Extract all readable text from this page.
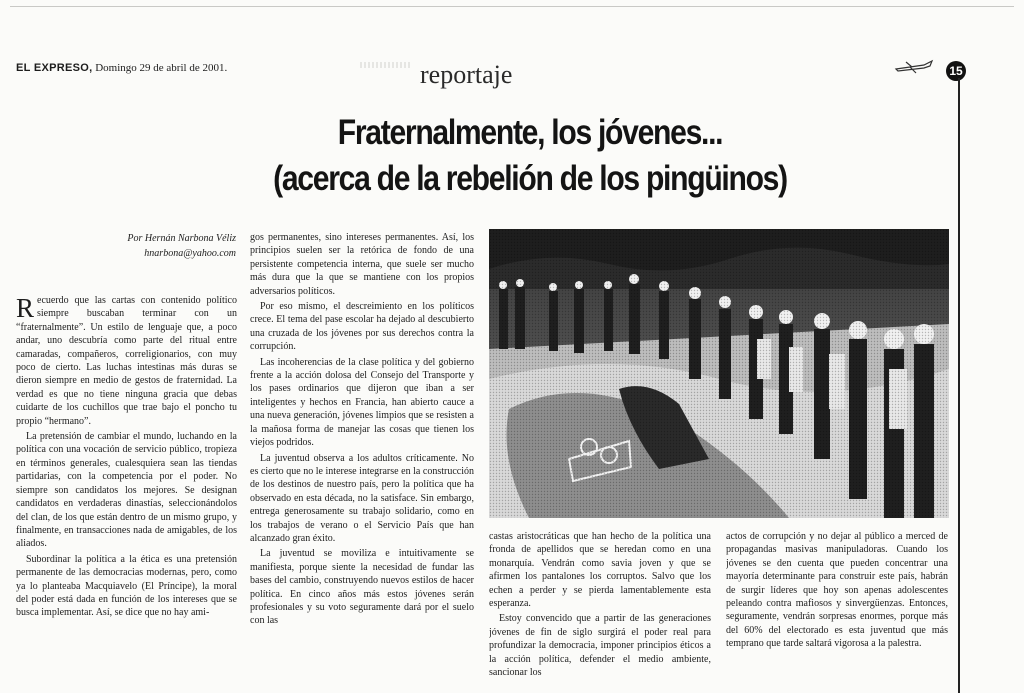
EL EXPRESO, Domingo 29 de abril de 2001.	reportaje	15
Fraternalmente, los jóvenes...
(acerca de la rebelión de los pingüinos)
Por Hernán Narbona Véliz
hnarbona@yahoo.com

Recuerdo que las cartas con contenido político siempre buscaban terminar con un “fraternalmente”. Un estilo de lenguaje que, a poco andar, uno descubría como parte del ritual entre camaradas, compañeros, correligionarios, con muy poco de cierto. Las luchas intestinas más duras se dieron siempre en medio de gestos de fraternidad. La verdad es que no tiene ninguna gracia que debas cuidarte de los cuchillos que trae bajo el poncho tu propio “hermano”.

La pretensión de cambiar el mundo, luchando en la política con una vocación de servicio público, tropieza en términos generales, cualesquiera sean las tiendas partidarias, con la competencia por el poder. No siempre son candidatos los mejores. Se designan candidatos en verdaderas dinastías, seleccionándolos del clan, de los que están dentro de un mismo grupo, y finalmente, en transacciones nada de amigables, de los aliados.

Subordinar la política a la ética es una pretensión permanente de las democracias modernas, pero, como ya lo planteaba Macquiavelo (El Príncipe), la moral del poder está dada en función de los intereses que se busca implementar. Así, se dice que no hay ami-

gos permanentes, sino intereses permanentes. Así, los principios suelen ser la retórica de fondo de una persistente competencia interna, que suele ser mucho más dura que la que se mantiene con los propios adversarios políticos.

Por eso mismo, el descreimiento en los políticos crece. El tema del pase escolar ha dejado al descubierto una cruzada de los jóvenes por sus derechos contra la corrupción.

Las incoherencias de la clase política y del gobierno frente a la acción dolosa del Consejo del Transporte y los pases ordinarios que dijeron que iban a ser inteligentes y hechos en Francia, han abierto cauce a una nueva generación, jóvenes limpios que se resisten a la mañosa forma de manejar las cosas que tienen los viejos podridos.

La juventud observa a los adultos críticamente. No es cierto que no le interese integrarse en la construcción de los destinos de nuestro país, pero la política que ha observado en esta década, no la satisface. Sin embargo, entrega generosamente su trabajo solidario, como en los trabajos de verano o el Servicio País que han alcanzado gran éxito.

La juventud se moviliza e intuitivamente se manifiesta, porque siente la necesidad de fundar las bases del cambio, construyendo nuevos estilos de hacer política. En cinco años más estos jóvenes serán profesionales y su voto seguramente dará por el suelo con las

castas aristocráticas que han hecho de la política una fronda de apellidos que se heredan como en una monarquía. Vendrán como savia joven y que se afirmen los pantalones los corruptos. Salvo que los echen a perder y se pierda lamentablemente esta esperanza.

Estoy convencido que a partir de las generaciones jóvenes de fin de siglo surgirá el poder real para profundizar la democracia, imponer principios éticos a la acción política, defender el medio ambiente, sancionar los

actos de corrupción y no dejar al público a merced de propagandas masivas manipuladoras. Cuando los jóvenes se den cuenta que pueden concentrar una mayoría determinante para construir este país, habrán de surgir líderes que hoy son apenas adolescentes peleando contra mafiosos y sinvergüenzas. Entonces, seguramente, vendrán sorpresas enormes, porque más del 60% del electorado es esta juventud que más temprano que tarde saltará vigorosa a la palestra.
